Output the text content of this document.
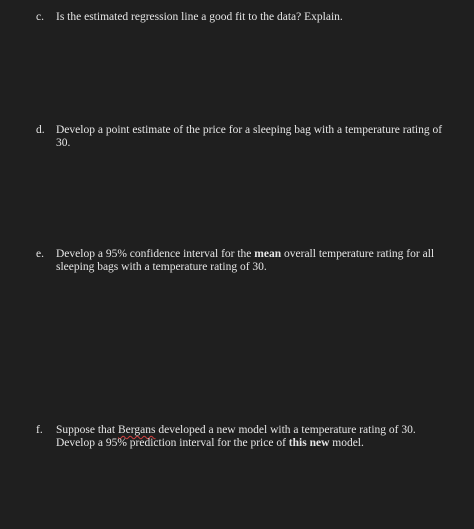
c.	Is the estimated regression line a good fit to the data? Explain.
d. Develop a point estimate of the price for a sleeping bag with a temperature rating of 30.
e.	Develop a 95% confidence interval for the mean overall temperature rating for all sleeping bags with a temperature rating of 30.
f.	Suppose that Bergans developed a new model with a temperature rating of 30. Develop a 95% prediction interval for the price of this new model.
